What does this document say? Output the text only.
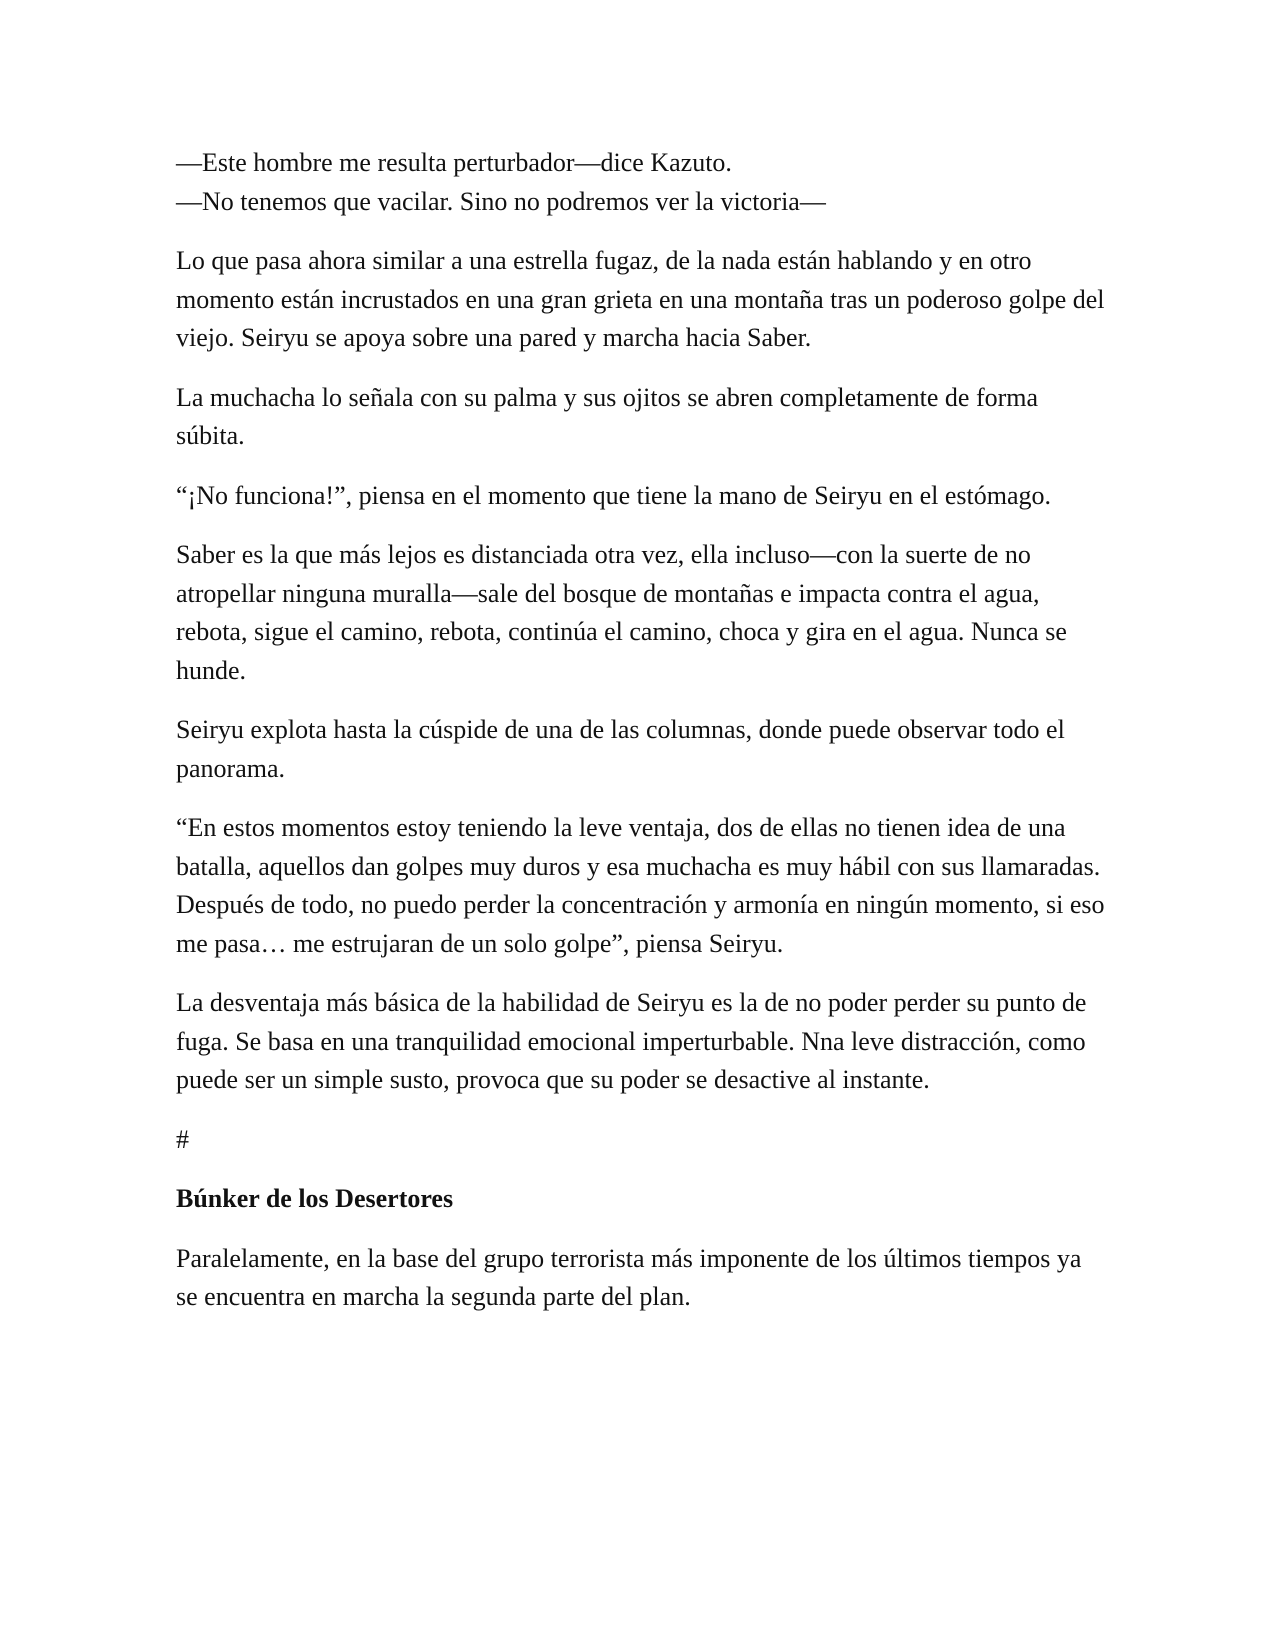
—Este hombre me resulta perturbador—dice Kazuto.

—No tenemos que vacilar. Sino no podremos ver la victoria—

Lo que pasa ahora similar a una estrella fugaz, de la nada están hablando y en otro momento están incrustados en una gran grieta en una montaña tras un poderoso golpe del viejo. Seiryu se apoya sobre una pared y marcha hacia Saber.

La muchacha lo señala con su palma y sus ojitos se abren completamente de forma súbita.

“¡No funciona!”, piensa en el momento que tiene la mano de Seiryu en el estómago.

Saber es la que más lejos es distanciada otra vez, ella incluso—con la suerte de no atropellar ninguna muralla—sale del bosque de montañas e impacta contra el agua, rebota, sigue el camino, rebota, continúa el camino, choca y gira en el agua. Nunca se hunde.

Seiryu explota hasta la cúspide de una de las columnas, donde puede observar todo el panorama.

“En estos momentos estoy teniendo la leve ventaja, dos de ellas no tienen idea de una batalla, aquellos dan golpes muy duros y esa muchacha es muy hábil con sus llamaradas. Después de todo, no puedo perder la concentración y armonía en ningún momento, si eso me pasa… me estrujaran de un solo golpe”, piensa Seiryu.

La desventaja más básica de la habilidad de Seiryu es la de no poder perder su punto de fuga. Se basa en una tranquilidad emocional imperturbable. Nna leve distracción, como puede ser un simple susto, provoca que su poder se desactive al instante.

#

Búnker de los Desertores

Paralelamente, en la base del grupo terrorista más imponente de los últimos tiempos ya se encuentra en marcha la segunda parte del plan.
